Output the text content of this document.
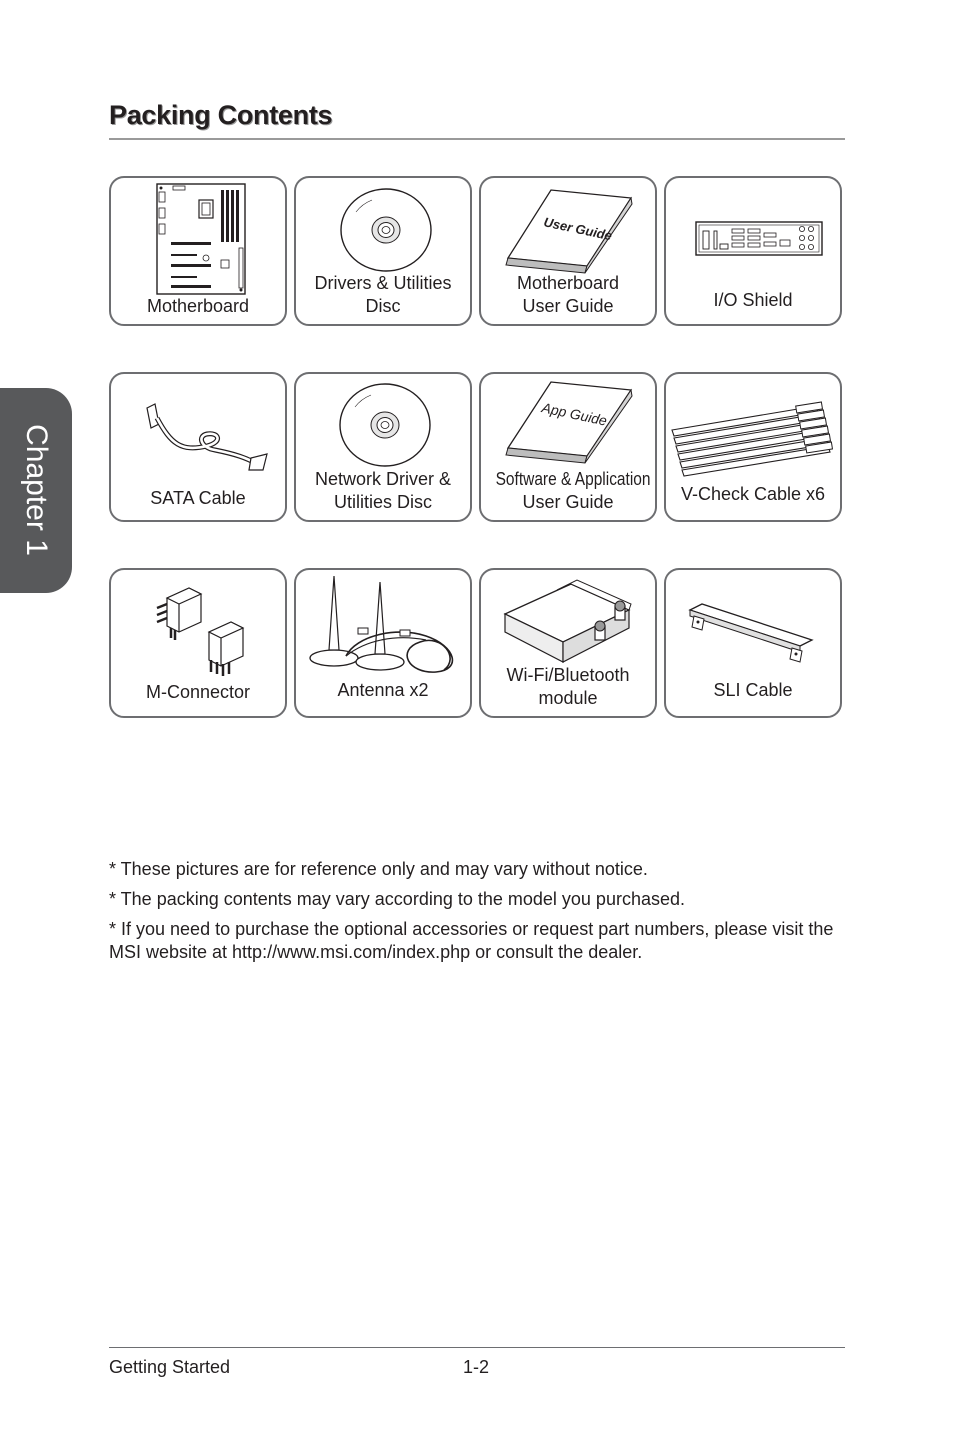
Packing Contents
Chapter 1
Motherboard
Drivers & Utilities
Disc
User Guide
Motherboard
User Guide	I/O Shield
SATA Cable
Network Driver &
Utilities Disc
App Guide
Software & Application
User Guide	V-Check Cable x6
M-Connector	Antenna x2
Wi-Fi/Bluetooth
module	SLI Cable

* These pictures are for reference only and may vary without notice.

* The packing contents may vary according to the model you purchased.

* If you need to purchase the optional accessories or request part numbers, please visit the MSI website at http://www.msi.com/index.php or consult the dealer.

Getting Started	1-2
